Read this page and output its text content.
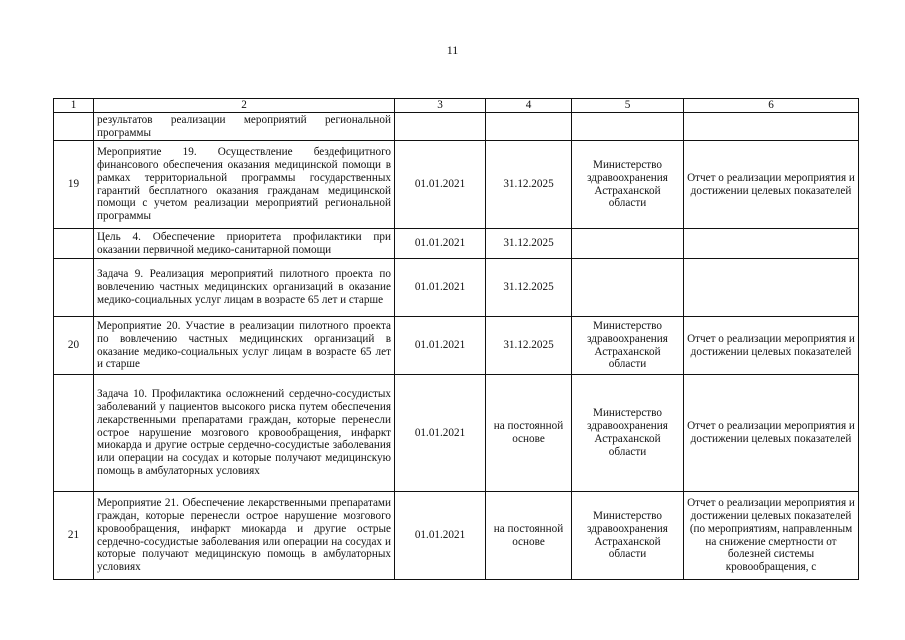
11
1	2	3	4	5	6
	результатов реализации мероприятий региональной программы				
19	Мероприятие 19. Осуществление бездефицитного финансового обеспечения оказания медицинской помощи в рамках территориальной программы государственных гарантий бесплатного оказания гражданам медицинской помощи с учетом реализации мероприятий региональной программы	01.01.2021	31.12.2025	Министерство здравоохранения Астраханской области	Отчет о реализации мероприятия и достижении целевых показателей
	Цель 4. Обеспечение приоритета профилактики при оказании первичной медико-санитарной помощи	01.01.2021	31.12.2025		
	Задача 9. Реализация мероприятий пилотного проекта по вовлечению частных медицинских организаций в оказание медико-социальных услуг лицам в возрасте 65 лет и старше	01.01.2021	31.12.2025		
20	Мероприятие 20. Участие в реализации пилотного проекта по вовлечению частных медицинских организаций в оказание медико-социальных услуг лицам в возрасте 65 лет и старше	01.01.2021	31.12.2025	Министерство здравоохранения Астраханской области	Отчет о реализации мероприятия и достижении целевых показателей
	Задача 10. Профилактика осложнений сердечно-сосудистых заболеваний у пациентов высокого риска путем обеспечения лекарственными препаратами граждан, которые перенесли острое нарушение мозгового кровообращения, инфаркт миокарда и другие острые сердечно-сосудистые заболевания или операции на сосудах и которые получают медицинскую помощь в амбулаторных условиях	01.01.2021	на постоянной основе	Министерство здравоохранения Астраханской области	Отчет о реализации мероприятия и достижении целевых показателей
21	Мероприятие 21. Обеспечение лекарственными препаратами граждан, которые перенесли острое нарушение мозгового кровообращения, инфаркт миокарда и другие острые сердечно-сосудистые заболевания или операции на сосудах и которые получают медицинскую помощь в амбулаторных условиях	01.01.2021	на постоянной основе	Министерство здравоохранения Астраханской области	Отчет о реализации мероприятия и достижении целевых показателей (по мероприятиям, направленным на снижение смертности от болезней системы кровообращения, с
